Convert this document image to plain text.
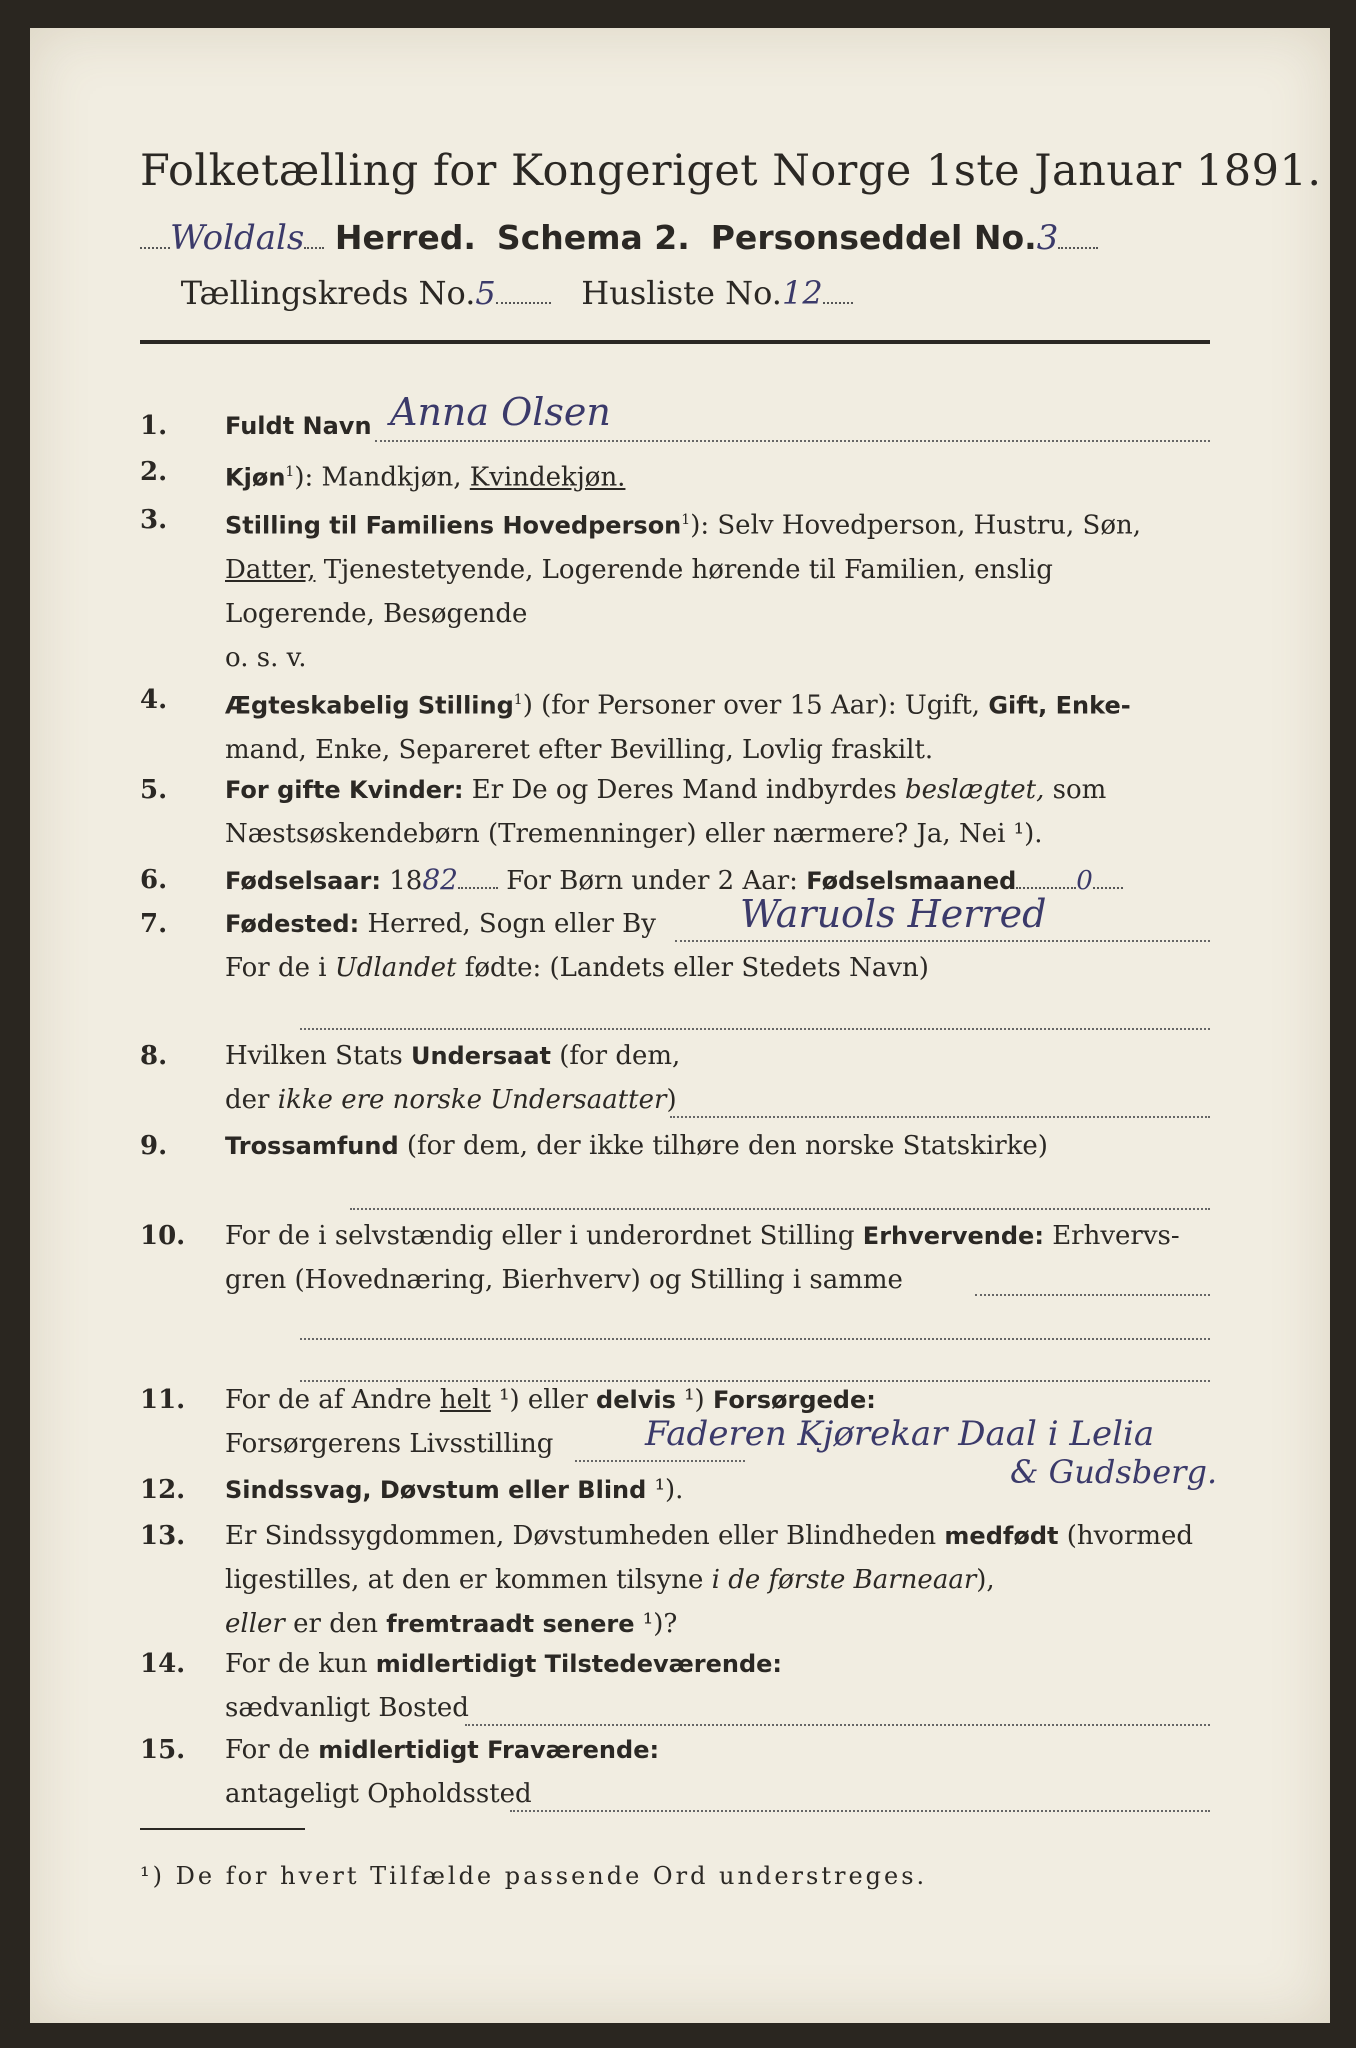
Folketælling for Kongeriget Norge 1ste Januar 1891.
Woldals Herred. Schema 2. Personseddel No.3
Tællingskreds No.5	Husliste No.12
1.	Fuldt Navn Anna Olsen
2.	Kjøn$^1$): Mandkjøn, Kvindekjøn.
3.	Stilling til Familiens Hovedperson$^1$): Selv Hovedperson, Hustru, Søn,
Datter, Tjenestetyende, Logerende hørende til Familien, enslig
Logerende, Besøgende
o. s. v.
4.	Ægteskabelig Stilling$^1$) (for Personer over 15 Aar): Ugift, Gift, Enke-
mand, Enke, Separeret efter Bevilling, Lovlig fraskilt.
5.	For gifte Kvinder: Er De og Deres Mand indbyrdes beslægtet, som
Næstsøskendebørn (Tremenninger) eller nærmere? Ja, Nei ¹).
6.	Fødselsaar: 1882 For Børn under 2 Aar: Fødselsmaaned 0
7.	Fødested: Herred, Sogn eller By
For de i Udlandet fødte: (Landets eller Stedets Navn)
Waruols Herred
8.	Hvilken Stats Undersaat (for dem,
der ikke ere norske Undersaatter)
9.	Trossamfund (for dem, der ikke tilhøre den norske Statskirke)
10. For de i selvstændig eller i underordnet Stilling Erhvervende: Erhvervs-
gren (Hovednæring, Bierhverv) og Stilling i samme
11. For de af Andre helt ¹) eller delvis ¹) Forsørgede:
Forsørgerens Livsstilling	Faderen Kjørekar Daal i Lelia
12. Sindssvag, Døvstum eller Blind ¹).	& Gudsberg.
13. Er Sindssygdommen, Døvstumheden eller Blindheden medfødt (hvormed
ligestilles, at den er kommen tilsyne i de første Barneaar),
eller er den fremtraadt senere ¹)?
14. For de kun midlertidigt Tilstedeværende:
sædvanligt Bosted
15. For de midlertidigt Fraværende:
antageligt Opholdssted
¹) De for hvert Tilfælde passende Ord understreges.
